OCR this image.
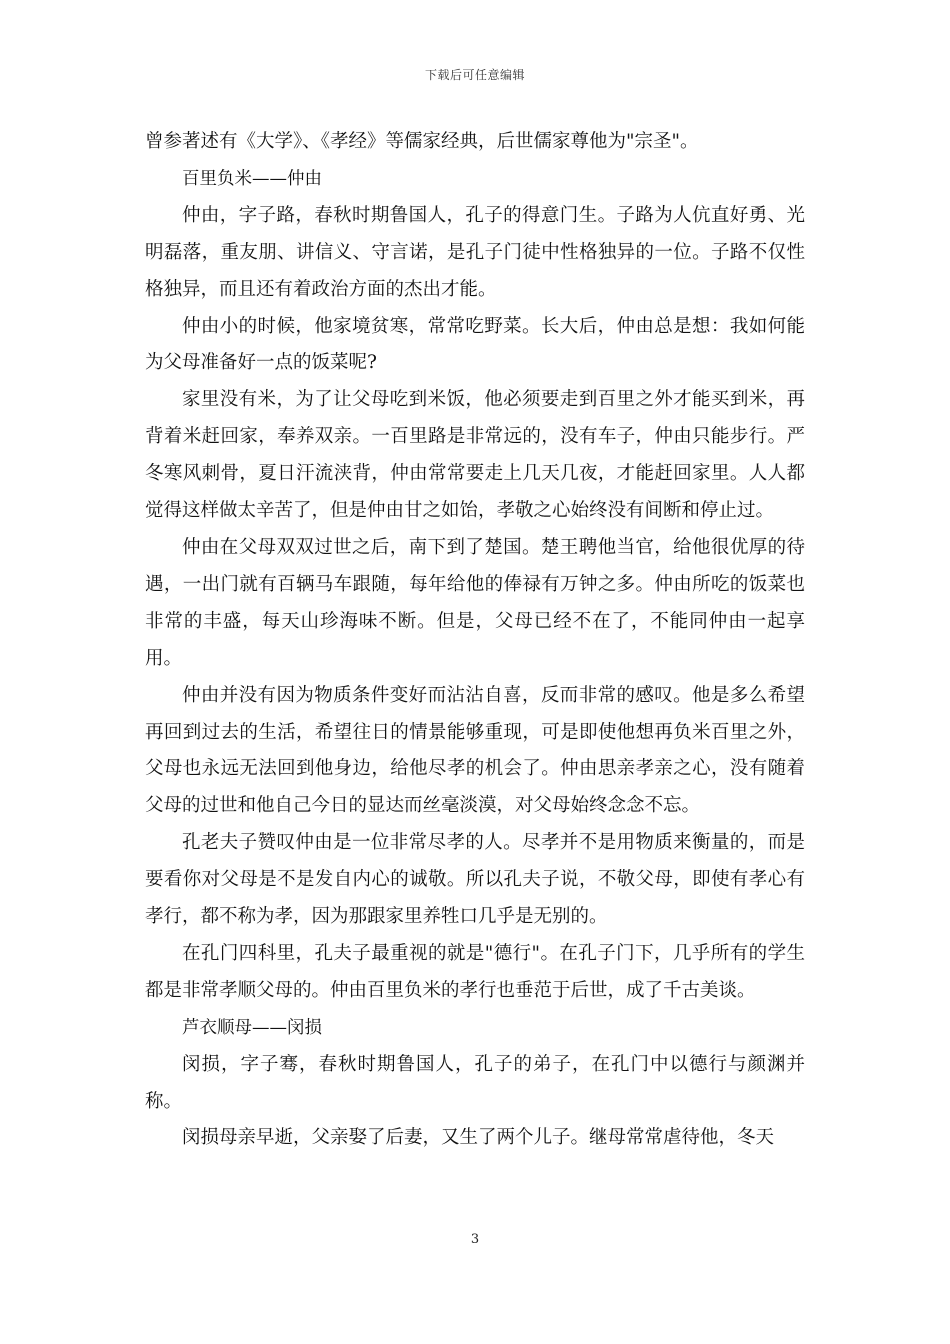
下载后可任意编辑

曾参著述有《大学》、《孝经》等儒家经典，后世儒家尊他为"宗圣"。

百里负米——仲由

仲由，字子路，春秋时期鲁国人，孔子的得意门生。子路为人伉直好勇、光明磊落，重友朋、讲信义、守言诺，是孔子门徒中性格独异的一位。子路不仅性格独异，而且还有着政治方面的杰出才能。

仲由小的时候，他家境贫寒，常常吃野菜。长大后，仲由总是想：我如何能为父母准备好一点的饭菜呢?

家里没有米，为了让父母吃到米饭，他必须要走到百里之外才能买到米，再背着米赶回家，奉养双亲。一百里路是非常远的，没有车子，仲由只能步行。严冬寒风刺骨，夏日汗流浃背，仲由常常要走上几天几夜，才能赶回家里。人人都觉得这样做太辛苦了，但是仲由甘之如饴，孝敬之心始终没有间断和停止过。

仲由在父母双双过世之后，南下到了楚国。楚王聘他当官，给他很优厚的待遇，一出门就有百辆马车跟随，每年给他的俸禄有万钟之多。仲由所吃的饭菜也非常的丰盛，每天山珍海味不断。但是，父母已经不在了，不能同仲由一起享用。

仲由并没有因为物质条件变好而沾沾自喜，反而非常的感叹。他是多么希望再回到过去的生活，希望往日的情景能够重现，可是即使他想再负米百里之外，父母也永远无法回到他身边，给他尽孝的机会了。仲由思亲孝亲之心，没有随着父母的过世和他自己今日的显达而丝毫淡漠，对父母始终念念不忘。

孔老夫子赞叹仲由是一位非常尽孝的人。尽孝并不是用物质来衡量的，而是要看你对父母是不是发自内心的诚敬。所以孔夫子说，不敬父母，即使有孝心有孝行，都不称为孝，因为那跟家里养牲口几乎是无别的。

在孔门四科里，孔夫子最重视的就是"德行"。在孔子门下，几乎所有的学生都是非常孝顺父母的。仲由百里负米的孝行也垂范于后世，成了千古美谈。

芦衣顺母——闵损

闵损，字子骞，春秋时期鲁国人，孔子的弟子，在孔门中以德行与颜渊并称。

闵损母亲早逝，父亲娶了后妻，又生了两个儿子。继母常常虐待他，冬天

3
